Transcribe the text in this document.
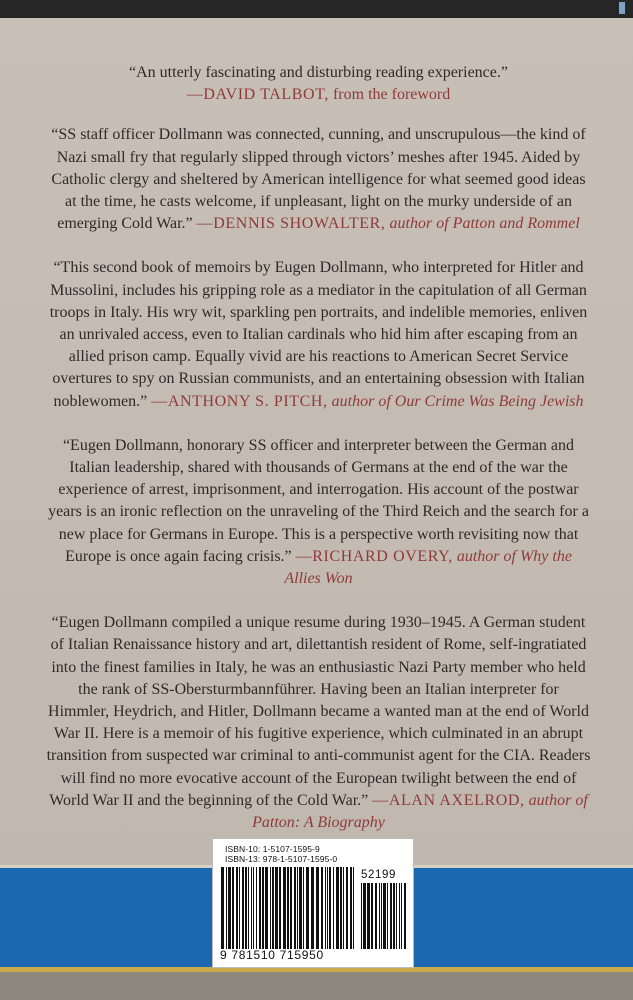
“An utterly fascinating and disturbing reading experience.”
—DAVID TALBOT, from the foreword

“SS staff officer Dollmann was connected, cunning, and unscrupulous—the kind of Nazi small fry that regularly slipped through victors’ meshes after 1945. Aided by Catholic clergy and sheltered by American intelligence for what seemed good ideas at the time, he casts welcome, if unpleasant, light on the murky underside of an emerging Cold War.” —DENNIS SHOWALTER, author of Patton and Rommel

“This second book of memoirs by Eugen Dollmann, who interpreted for Hitler and Mussolini, includes his gripping role as a mediator in the capitulation of all German troops in Italy. His wry wit, sparkling pen portraits, and indelible memories, enliven an unrivaled access, even to Italian cardinals who hid him after escaping from an allied prison camp. Equally vivid are his reactions to American Secret Service overtures to spy on Russian communists, and an entertaining obsession with Italian noblewomen.” —ANTHONY S. PITCH, author of Our Crime Was Being Jewish

“Eugen Dollmann, honorary SS officer and interpreter between the German and Italian leadership, shared with thousands of Germans at the end of the war the experience of arrest, imprisonment, and interrogation. His account of the postwar years is an ironic reflection on the unraveling of the Third Reich and the search for a new place for Germans in Europe. This is a perspective worth revisiting now that Europe is once again facing crisis.” —RICHARD OVERY, author of Why the Allies Won

“Eugen Dollmann compiled a unique resume during 1930–1945. A German student of Italian Renaissance history and art, dilettantish resident of Rome, self-ingratiated into the finest families in Italy, he was an enthusiastic Nazi Party member who held the rank of SS-Obersturmbannführer. Having been an Italian interpreter for Himmler, Heydrich, and Hitler, Dollmann became a wanted man at the end of World War II. Here is a memoir of his fugitive experience, which culminated in an abrupt transition from suspected war criminal to anti-communist agent for the CIA. Readers will find no more evocative account of the European twilight between the end of World War II and the beginning of the Cold War.” —ALAN AXELROD, author of Patton: A Biography

ISBN-10: 1-5107-1595-9
ISBN-13: 978-1-5107-1595-0
52199
9 781510 715950
